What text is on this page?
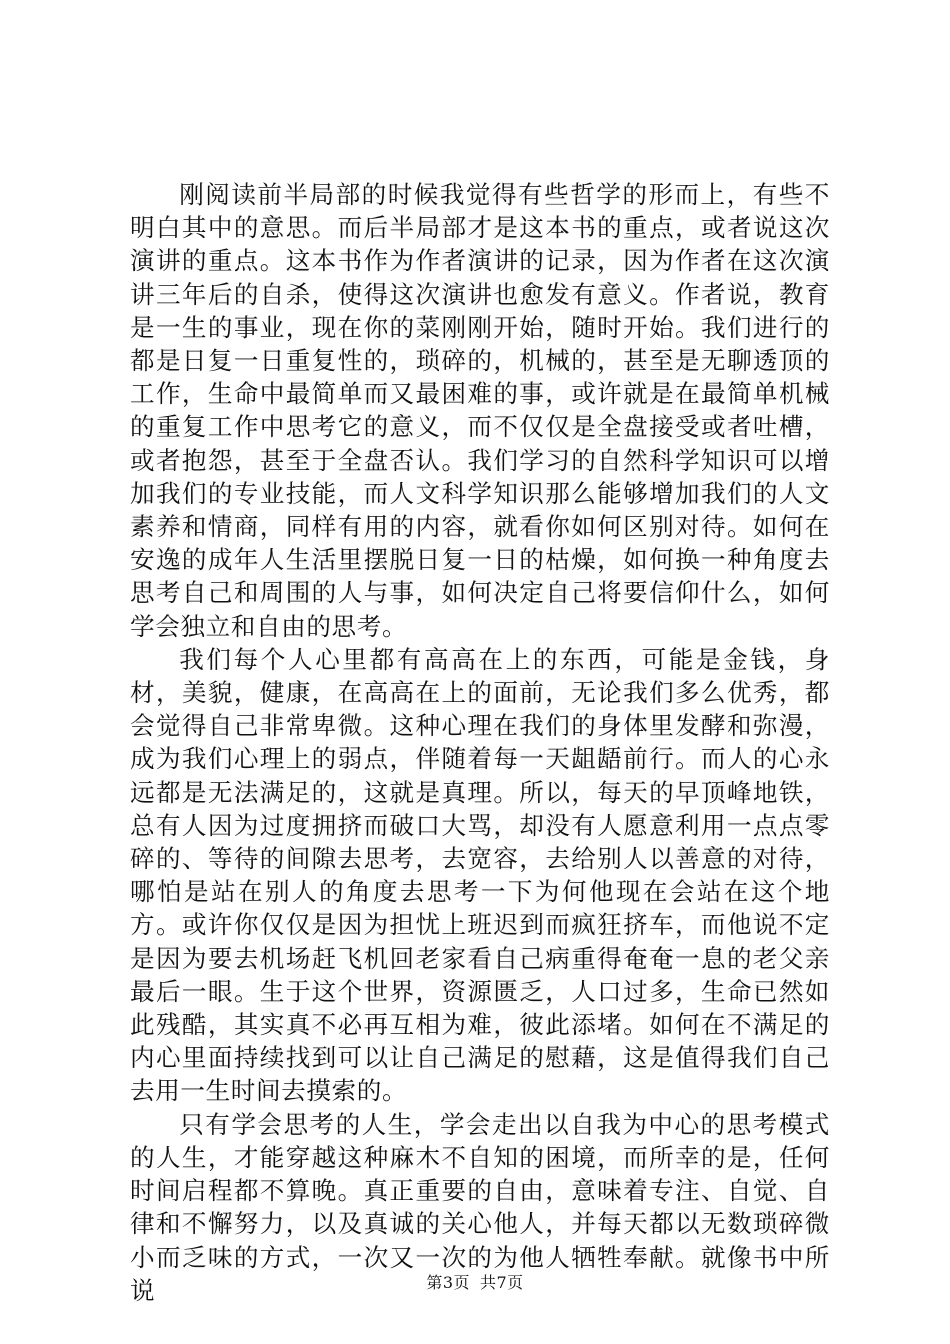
刚阅读前半局部的时候我觉得有些哲学的形而上，有些不明白其中的意思。而后半局部才是这本书的重点，或者说这次演讲的重点。这本书作为作者演讲的记录，因为作者在这次演讲三年后的自杀，使得这次演讲也愈发有意义。作者说，教育是一生的事业，现在你的菜刚刚开始，随时开始。我们进行的都是日复一日重复性的，琐碎的，机械的，甚至是无聊透顶的工作，生命中最简单而又最困难的事，或许就是在最简单机械的重复工作中思考它的意义，而不仅仅是全盘接受或者吐槽，或者抱怨，甚至于全盘否认。我们学习的自然科学知识可以增加我们的专业技能，而人文科学知识那么能够增加我们的人文素养和情商，同样有用的内容，就看你如何区别对待。如何在安逸的成年人生活里摆脱日复一日的枯燥，如何换一种角度去思考自己和周围的人与事，如何决定自己将要信仰什么，如何学会独立和自由的思考。

我们每个人心里都有高高在上的东西，可能是金钱，身材，美貌，健康，在高高在上的面前，无论我们多么优秀，都会觉得自己非常卑微。这种心理在我们的身体里发酵和弥漫，成为我们心理上的弱点，伴随着每一天龃龉前行。而人的心永远都是无法满足的，这就是真理。所以，每天的早顶峰地铁，总有人因为过度拥挤而破口大骂，却没有人愿意利用一点点零碎的、等待的间隙去思考，去宽容，去给别人以善意的对待，哪怕是站在别人的角度去思考一下为何他现在会站在这个地方。或许你仅仅是因为担忧上班迟到而疯狂挤车，而他说不定是因为要去机场赶飞机回老家看自己病重得奄奄一息的老父亲最后一眼。生于这个世界，资源匮乏，人口过多，生命已然如此残酷，其实真不必再互相为难，彼此添堵。如何在不满足的内心里面持续找到可以让自己满足的慰藉，这是值得我们自己去用一生时间去摸索的。

只有学会思考的人生，学会走出以自我为中心的思考模式的人生，才能穿越这种麻木不自知的困境，而所幸的是，任何时间启程都不算晚。真正重要的自由，意味着专注、自觉、自律和不懈努力，以及真诚的关心他人，并每天都以无数琐碎微小而乏味的方式，一次又一次的为他人牺牲奉献。就像书中所说	第3页 共7页
